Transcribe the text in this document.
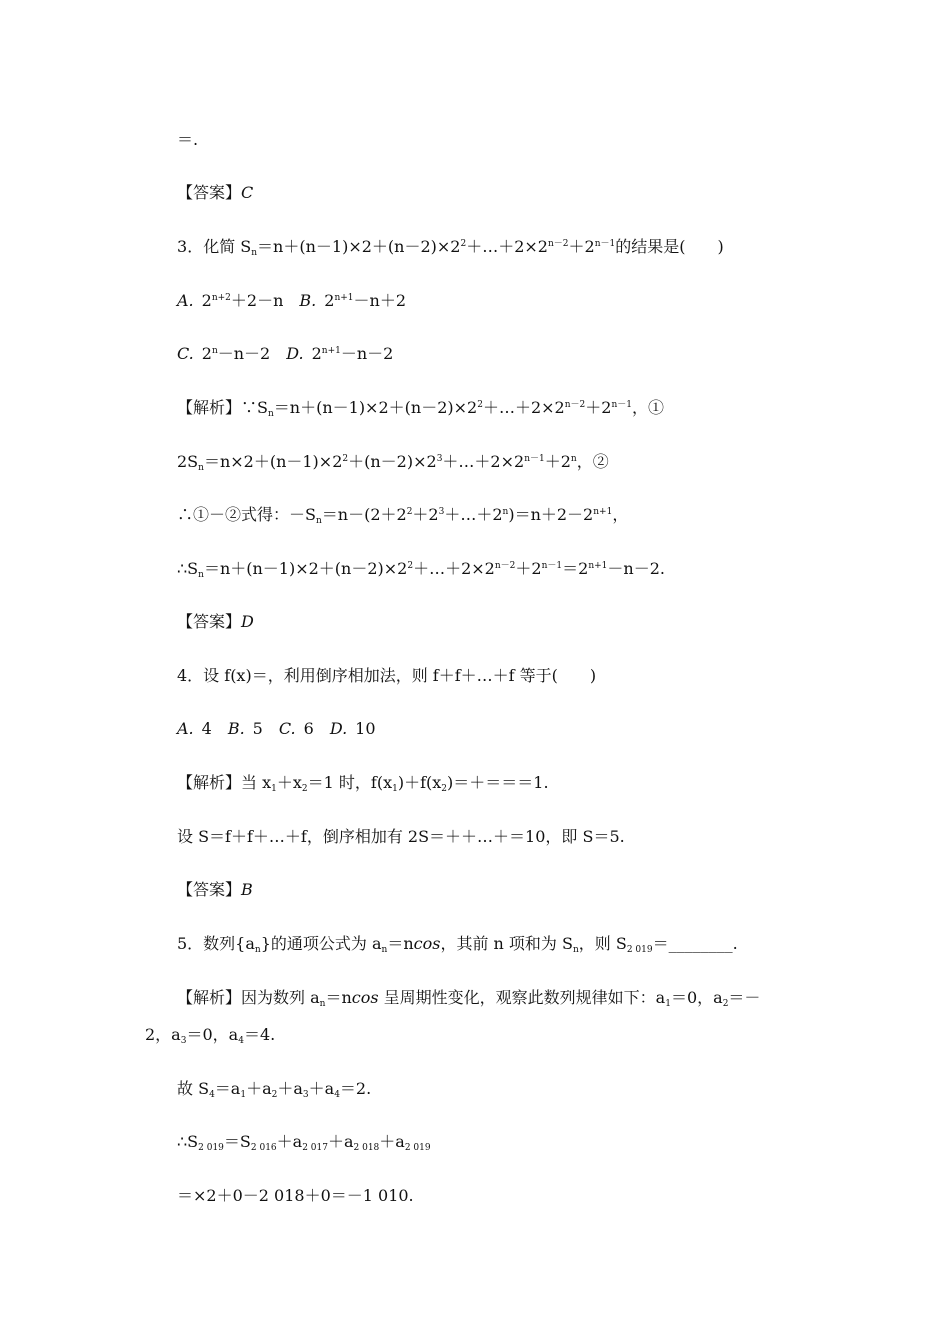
＝.
【答案】C
3．化简 $S_n=n+(n-1)\times 2+(n-2)\times 2^2+\dots+2\times 2^{n-2}+2^{n-1}$的结果是(　　)
A. $2^{n+2}+2-n$ B. $2^{n+1}-n+2$
C. $2^n-n-2$ D. $2^{n+1}-n-2$
【解析】$\because S_n=n+(n-1)\times 2+(n-2)\times 2^2+\dots+2\times 2^{n-2}+2^{n-1}$，①
$2S_n=n\times 2+(n-1)\times 2^2+(n-2)\times 2^3+\dots+2\times 2^{n-1}+2^n$，②
∴①－②式得：$-S_n=n-(2+2^2+2^3+\dots+2^n)=n+2-2^{n+1}$，
$\therefore S_n=n+(n-1)\times 2+(n-2)\times 2^2+\dots+2\times 2^{n-2}+2^{n-1}=2^{n+1}-n-2$.
【答案】D
4．设 f(x)＝，利用倒序相加法，则 f＋f＋…＋f 等于(　　)
A. 4 B. 5 C. 6 D. 10
【解析】当 $x_1+x_2=1$ 时，$f(x_1)+f(x_2)=+===1$.
设 S＝f＋f＋…＋f，倒序相加有 2S＝＋＋…＋＝10，即 S＝5.
【答案】B
5．数列$\{a_n\}$的通项公式为 $a_n=ncos$，其前 n 项和为 $S_n$，则 $S_{2 019}=\_\_\_\_\_\_\_\_$.
【解析】因为数列 $a_n=ncos$ 呈周期性变化，观察此数列规律如下：$a_1=0$，$a_2=-$
2，$a_3=0$，$a_4=4$.
故 $S_4=a_1+a_2+a_3+a_4=2$.
$\therefore S_{2 019}=S_{2 016}+a_{2 017}+a_{2 018}+a_{2 019}$
＝×2＋0－2 018＋0＝－1 010.
